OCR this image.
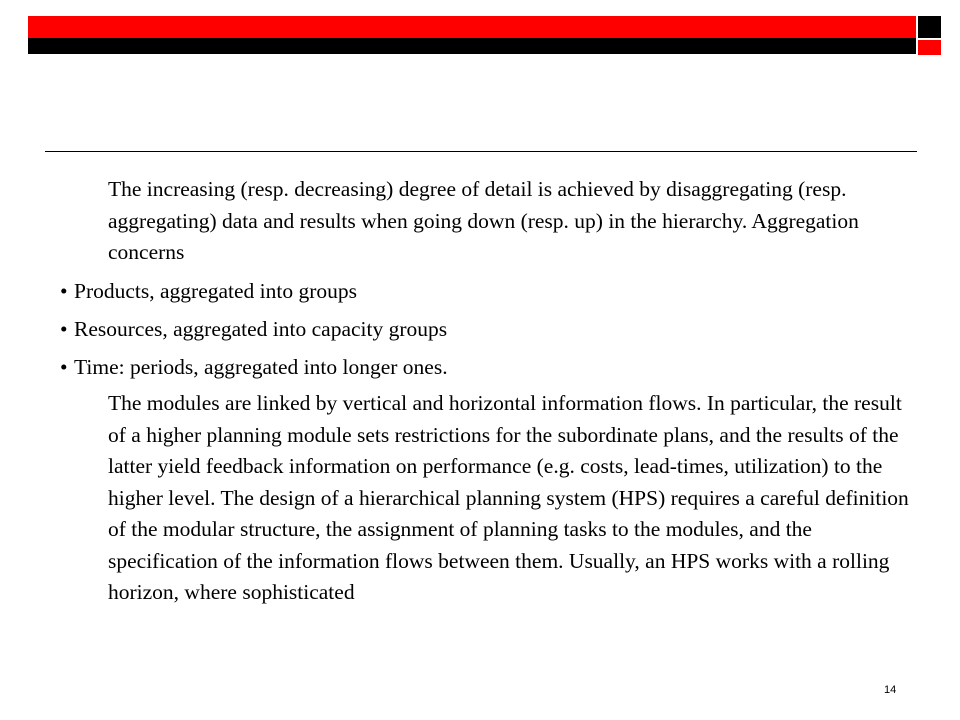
The increasing (resp. decreasing) degree of detail is achieved by disaggregating (resp. aggregating) data and results when going down (resp. up) in the hierarchy. Aggregation concerns

• Products, aggregated into groups

• Resources, aggregated into capacity groups

• Time: periods, aggregated into longer ones.

The modules are linked by vertical and horizontal information flows. In particular, the result of a higher planning module sets restrictions for the subordinate plans, and the results of the latter yield feedback information on performance (e.g. costs, lead-times, utilization) to the higher level. The design of a hierarchical planning system (HPS) requires a careful definition of the modular structure, the assignment of planning tasks to the modules, and the specification of the information flows between them. Usually, an HPS works with a rolling horizon, where sophisticated

14
